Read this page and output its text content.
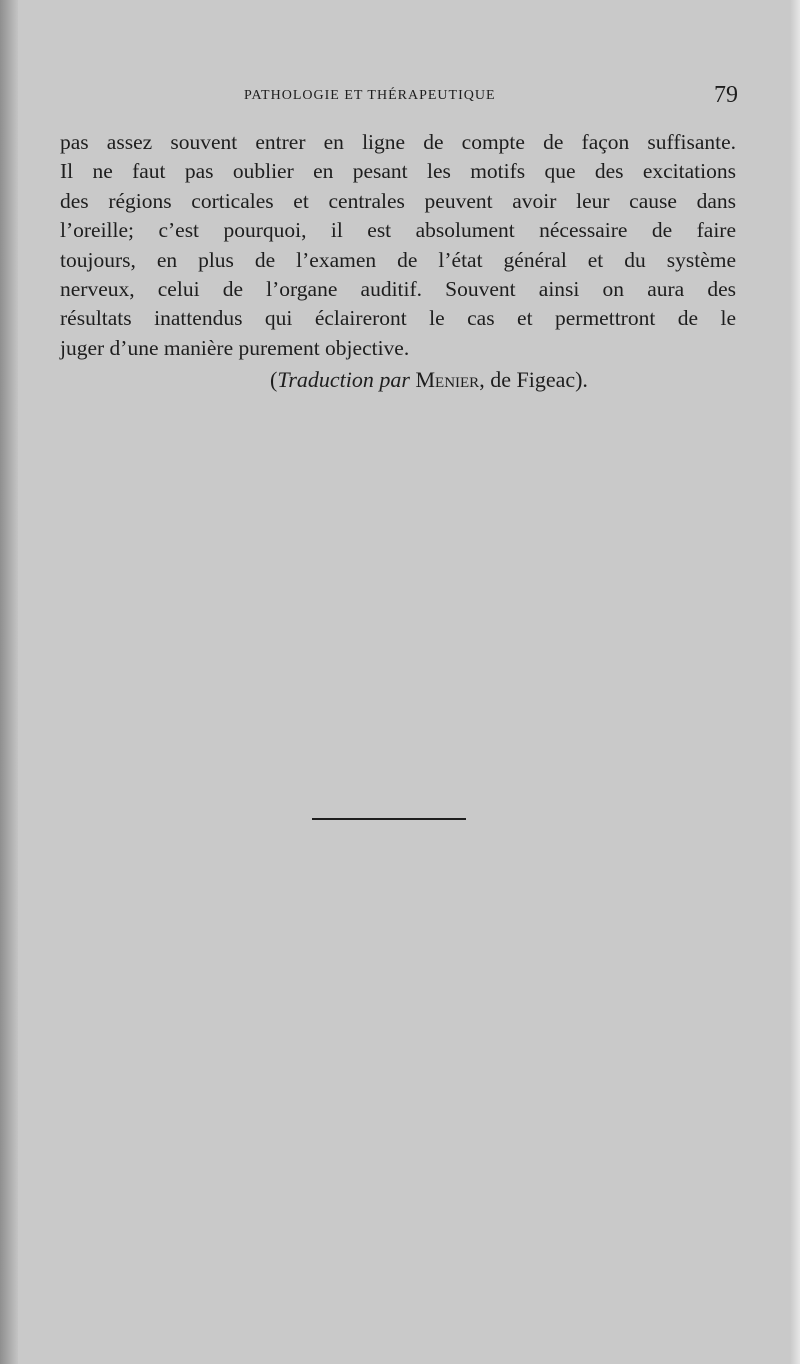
PATHOLOGIE ET THÉRAPEUTIQUE	79
pas assez souvent entrer en ligne de compte de façon suffisante.
Il ne faut pas oublier en pesant les motifs que des excitations
des régions corticales et centrales peuvent avoir leur cause dans
l’oreille; c’est pourquoi, il est absolument nécessaire de faire
toujours, en plus de l’examen de l’état général et du système
nerveux, celui de l’organe auditif. Souvent ainsi on aura des
résultats inattendus qui éclaireront le cas et permettront de le
juger d’une manière purement objective.
(Traduction par Menier, de Figeac).
